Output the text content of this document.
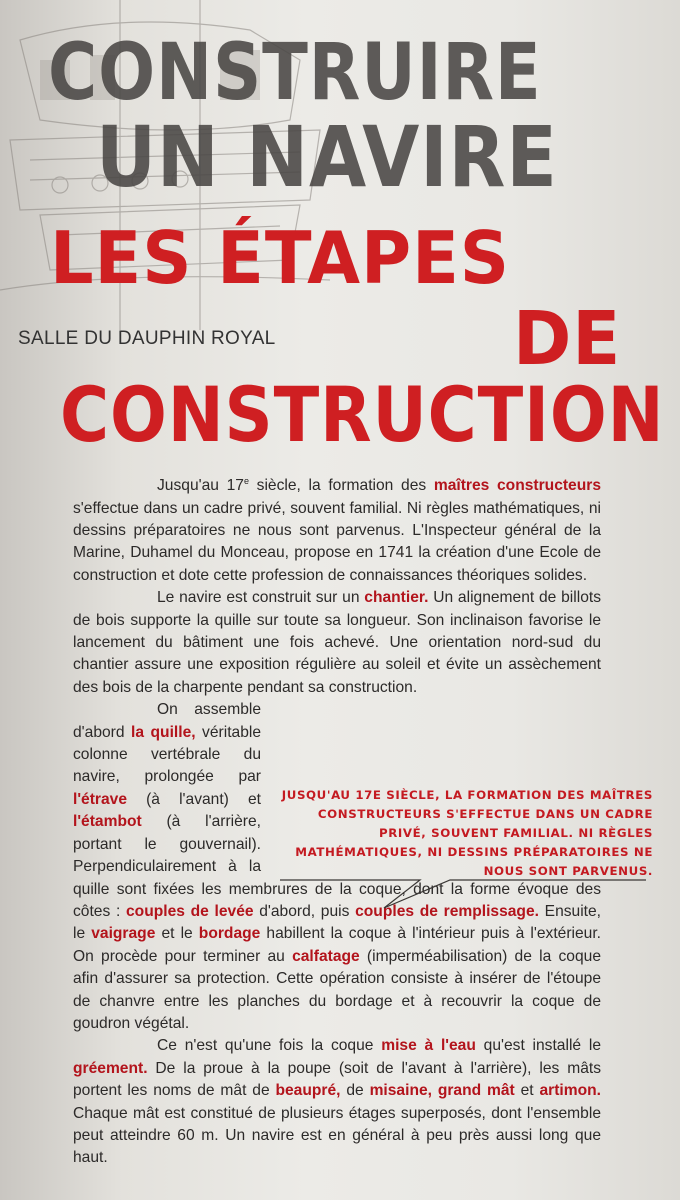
CONSTRUIRE
UN NAVIRE
LES ÉTAPES
DE
CONSTRUCTION
SALLE DU DAUPHIN ROYAL

Jusqu'au 17e siècle, la formation des maîtres constructeurs s'effectue dans un cadre privé, souvent familial. Ni règles mathématiques, ni dessins préparatoires ne nous sont parvenus. L'Inspecteur général de la Marine, Duhamel du Monceau, propose en 1741 la création d'une Ecole de construction et dote cette profession de connaissances théoriques solides.

Le navire est construit sur un chantier. Un alignement de billots de bois supporte la quille sur toute sa longueur. Son inclinaison favorise le lancement du bâtiment une fois achevé. Une orientation nord-sud du chantier assure une exposition régulière au soleil et évite un assèchement des bois de la charpente pendant sa construction.

On assemble d'abord la quille, véritable colonne vertébrale du navire, prolongée par l'étrave (à l'avant) et l'étambot (à l'arrière, portant le gouvernail). Perpendiculairement à la quille sont fixées les membrures de la coque, dont la forme évoque des côtes : couples de levée d'abord, puis couples de remplissage. Ensuite, le vaigrage et le bordage habillent la coque à l'intérieur puis à l'extérieur. On procède pour terminer au calfatage (imperméabilisation) de la coque afin d'assurer sa protection. Cette opération consiste à insérer de l'étoupe de chanvre entre les planches du bordage et à recouvrir la coque de goudron végétal.

Ce n'est qu'une fois la coque mise à l'eau qu'est installé le gréement. De la proue à la poupe (soit de l'avant à l'arrière), les mâts portent les noms de mât de beaupré, de misaine, grand mât et artimon. Chaque mât est constitué de plusieurs étages superposés, dont l'ensemble peut atteindre 60 m. Un navire est en général à peu près aussi long que haut.

JUSQU'AU 17E SIÈCLE, LA FORMATION DES MAÎTRES CONSTRUCTEURS S'EFFECTUE DANS UN CADRE PRIVÉ, SOUVENT FAMILIAL. NI RÈGLES MATHÉMATIQUES, NI DESSINS PRÉPARATOIRES NE NOUS SONT PARVENUS.
